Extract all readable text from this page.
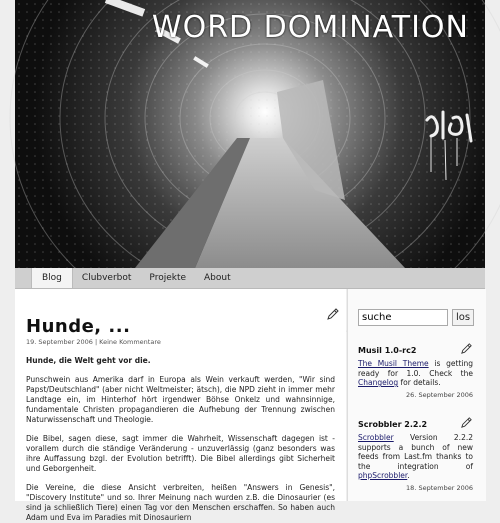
WORD DOMINATION
Blog	Clubverbot	Projekte	About
Hunde, ...
19. September 2006 | Keine Kommentare

Hunde, die Welt geht vor die.

Punschwein aus Amerika darf in Europa als Wein verkauft werden, "Wir sind Papst/Deutschland" (aber nicht Weltmeister; ätsch), die NPD zieht in immer mehr Landtage ein, im Hinterhof hört irgendwer Böhse Onkelz und wahnsinnige, fundamentale Christen propagandieren die Aufhebung der Trennung zwischen Naturwissenschaft und Theologie.

Die Bibel, sagen diese, sagt immer die Wahrheit, Wissenschaft dagegen ist - vorallem durch die ständige Veränderung - unzuverlässig (ganz besonders was ihre Auffassung bzgl. der Evolution betrifft). Die Bibel allerdings gibt Sicherheit und Geborgenheit.

Die Vereine, die diese Ansicht verbreiten, heißen "Answers in Genesis", "Discovery Institute" und so. Ihrer Meinung nach wurden z.B. die Dinosaurier (es sind ja schließlich Tiere) einen Tag vor den Menschen erschaffen. So haben auch Adam und Eva im Paradies mit Dinosauriern

suche
los
Musil 1.0-rc2

The Musil Theme is getting ready for 1.0. Check the Changelog for details.

26. September 2006
Scrobbler 2.2.2

Scrobbler Version 2.2.2 supports a bunch of new feeds from Last.fm thanks to the integration of phpScrobbler.

18. September 2006
